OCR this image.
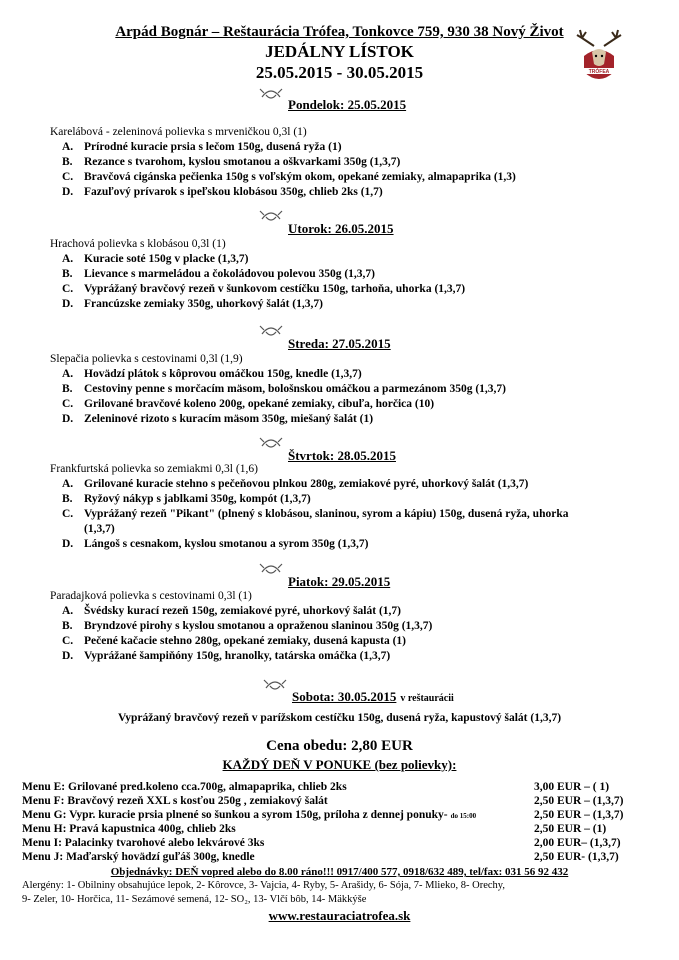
Arpád Bognár – Reštaurácia Trófea, Tonkovce 759, 930 38 Nový Život
JEDÁLNY LÍSTOK
25.05.2015 - 30.05.2015	TRÓFEA
Pondelok: 25.05.2015
Karelábová - zeleninová polievka s mrveničkou 0,3l (1)
A. Prírodné kuracie prsia s lečom 150g, dusená ryža (1)
B. Rezance s tvarohom, kyslou smotanou a oškvarkami 350g (1,3,7)
C. Bravčová cigánska pečienka 150g s voľským okom, opekané zemiaky, almapaprika (1,3)
D. Fazuľový prívarok s ipeľskou klobásou 350g, chlieb 2ks (1,7)
Utorok: 26.05.2015
Hrachová polievka s klobásou 0,3l (1)
A. Kuracie soté 150g v placke (1,3,7)
B. Lievance s marmeládou a čokoládovou polevou 350g (1,3,7)
C. Vyprážaný bravčový rezeň v šunkovom cestíčku 150g, tarhoňa, uhorka (1,3,7)
D. Francúzske zemiaky 350g, uhorkový šalát (1,3,7)
Streda: 27.05.2015
Slepačia polievka s cestovinami 0,3l (1,9)
A. Hovädzí plátok s kôprovou omáčkou 150g, knedle (1,3,7)
B. Cestoviny penne s morčacím mäsom, bološnskou omáčkou a parmezánom 350g (1,3,7)
C. Grilované bravčové koleno 200g, opekané zemiaky, cibuľa, horčica (10)
D. Zeleninové rizoto s kuracím mäsom 350g, miešaný šalát (1)
Štvrtok: 28.05.2015
Frankfurtská polievka so zemiakmi 0,3l (1,6)
A. Grilované kuracie stehno s pečeňovou plnkou 280g, zemiakové pyré, uhorkový šalát (1,3,7)
B. Ryžový nákyp s jablkami 350g, kompót (1,3,7)
C. Vyprážaný rezeň "Pikant" (plnený s klobásou, slaninou, syrom a kápiu) 150g, dusená ryža, uhorka
(1,3,7)
D. Lángoš s cesnakom, kyslou smotanou a syrom 350g (1,3,7)
Piatok: 29.05.2015
Paradajková polievka s cestovinami 0,3l (1)
A. Švédsky kurací rezeň 150g, zemiakové pyré, uhorkový šalát (1,7)
B. Bryndzové pirohy s kyslou smotanou a opraženou slaninou 350g (1,3,7)
C. Pečené kačacie stehno 280g, opekané zemiaky, dusená kapusta (1)
D. Vyprážané šampiňóny 150g, hranolky, tatárska omáčka (1,3,7)
Sobota: 30.05.2015 v reštaurácii
Vyprážaný bravčový rezeň v parížskom cestíčku 150g, dusená ryža, kapustový šalát (1,3,7)
Cena obedu: 2,80 EUR
KAŽDÝ DEŇ V PONUKE (bez polievky):
Menu E: Grilované pred.koleno cca.700g, almapaprika, chlieb 2ks	3,00 EUR – ( 1)
Menu F: Bravčový rezeň XXL s kosťou 250g , zemiakový šalát	2,50 EUR – (1,3,7)
Menu G: Vypr. kuracie prsia plnené so šunkou a syrom 150g, príloha z dennej ponuky- do 15:00	2,50 EUR – (1,3,7)
Menu H: Pravá kapustnica 400g, chlieb 2ks	2,50 EUR – (1)
Menu I: Palacinky tvarohové alebo lekvárové 3ks	2,00 EUR– (1,3,7)
Menu J: Maďarský hovädzí guľáš 300g, knedle	2,50 EUR- (1,3,7)
Objednávky: DEŇ vopred alebo do 8.00 ráno!!! 0917/400 577, 0918/632 489, tel/fax: 031 56 92 432
Alergény: 1- Obilniny obsahujúce lepok, 2- Kôrovce, 3- Vajcia, 4- Ryby, 5- Arašidy, 6- Sója, 7- Mlieko, 8- Orechy,
9- Zeler, 10- Horčica, 11- Sezámové semená, 12- SO₂, 13- Vlčí bôb, 14- Mäkkýše
www.restauraciatrofea.sk
